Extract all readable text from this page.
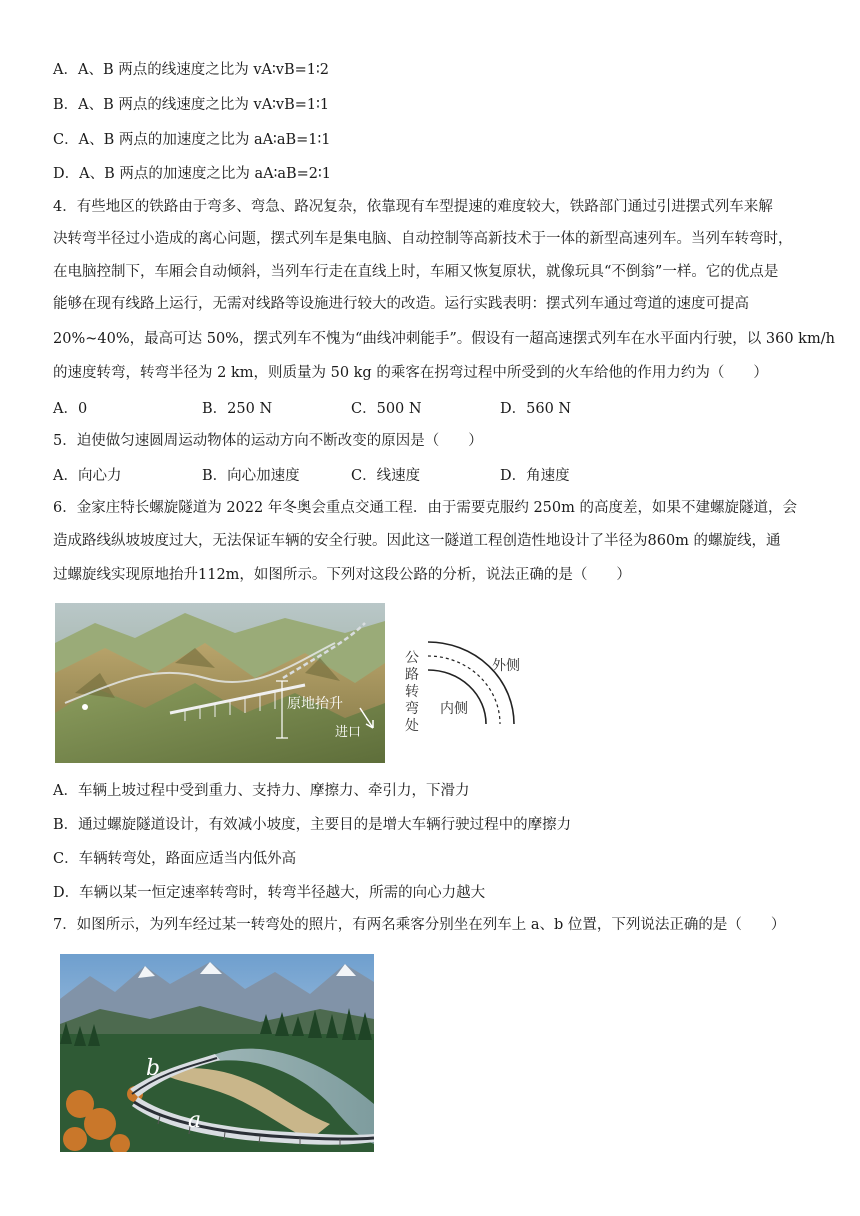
A．A、B 两点的线速度之比为 vA∶vB=1∶2
B．A、B 两点的线速度之比为 vA∶vB=1∶1
C．A、B 两点的加速度之比为 aA∶aB=1∶1
D．A、B 两点的加速度之比为 aA∶aB=2∶1
4．有些地区的铁路由于弯多、弯急、路况复杂，依靠现有车型提速的难度较大，铁路部门通过引进摆式列车来解
决转弯半径过小造成的离心问题，摆式列车是集电脑、自动控制等高新技术于一体的新型高速列车。当列车转弯时，
在电脑控制下，车厢会自动倾斜，当列车行走在直线上时，车厢又恢复原状，就像玩具“不倒翁”一样。它的优点是
能够在现有线路上运行，无需对线路等设施进行较大的改造。运行实践表明：摆式列车通过弯道的速度可提高
20%~40%，最高可达 50%，摆式列车不愧为“曲线冲刺能手”。假设有一超高速摆式列车在水平面内行驶，以 360 km/h
的速度转弯，转弯半径为 2 km，则质量为 50 kg 的乘客在拐弯过程中所受到的火车给他的作用力约为（　　）
A．0	B．250 N	C．500 N	D．560 N
5．迫使做匀速圆周运动物体的运动方向不断改变的原因是（　　）
A．向心力	B．向心加速度	C．线速度	D．角速度
6．金家庄特长螺旋隧道为 2022 年冬奥会重点交通工程．由于需要克服约 250m 的高度差，如果不建螺旋隧道，会
造成路线纵坡坡度过大，无法保证车辆的安全行驶。因此这一隧道工程创造性地设计了半径为860m 的螺旋线，通
过螺旋线实现原地抬升112m，如图所示。下列对这段公路的分析，说法正确的是（　　）
原地抬升
进口
公
路
转
弯
处
外侧
内侧
A．车辆上坡过程中受到重力、支持力、摩擦力、牵引力，下滑力
B．通过螺旋隧道设计，有效减小坡度，主要目的是增大车辆行驶过程中的摩擦力
C．车辆转弯处，路面应适当内低外高
D．车辆以某一恒定速率转弯时，转弯半径越大，所需的向心力越大
7．如图所示，为列车经过某一转弯处的照片，有两名乘客分别坐在列车上 a、b 位置，下列说法正确的是（　　）
b
a
